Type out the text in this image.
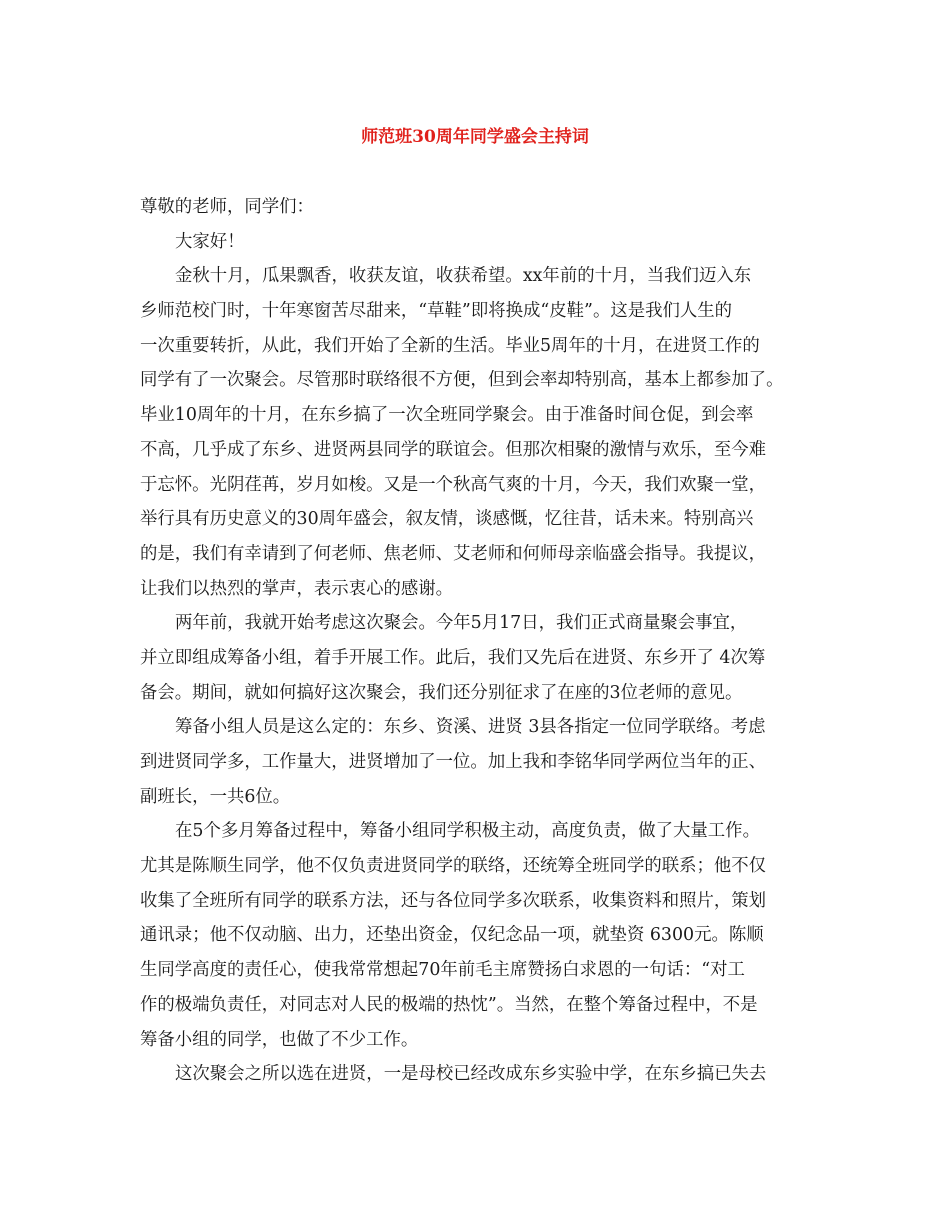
师范班30周年同学盛会主持词
尊敬的老师，同学们：
大家好！
金秋十月，瓜果飘香，收获友谊，收获希望。xx年前的十月，当我们迈入东
乡师范校门时，十年寒窗苦尽甜来，“草鞋”即将换成“皮鞋”。这是我们人生的
一次重要转折，从此，我们开始了全新的生活。毕业5周年的十月，在进贤工作的
同学有了一次聚会。尽管那时联络很不方便，但到会率却特别高，基本上都参加了。
毕业10周年的十月，在东乡搞了一次全班同学聚会。由于准备时间仓促，到会率
不高，几乎成了东乡、进贤两县同学的联谊会。但那次相聚的激情与欢乐，至今难
于忘怀。光阴荏苒，岁月如梭。又是一个秋高气爽的十月，今天，我们欢聚一堂，
举行具有历史意义的30周年盛会，叙友情，谈感慨，忆往昔，话未来。特别高兴
的是，我们有幸请到了何老师、焦老师、艾老师和何师母亲临盛会指导。我提议，
让我们以热烈的掌声，表示衷心的感谢。
两年前，我就开始考虑这次聚会。今年5月17日，我们正式商量聚会事宜，
并立即组成筹备小组，着手开展工作。此后，我们又先后在进贤、东乡开了 4次筹
备会。期间，就如何搞好这次聚会，我们还分别征求了在座的3位老师的意见。
筹备小组人员是这么定的：东乡、资溪、进贤 3县各指定一位同学联络。考虑
到进贤同学多，工作量大，进贤增加了一位。加上我和李铭华同学两位当年的正、
副班长，一共6位。
在5个多月筹备过程中，筹备小组同学积极主动，高度负责，做了大量工作。
尤其是陈顺生同学，他不仅负责进贤同学的联络，还统筹全班同学的联系；他不仅
收集了全班所有同学的联系方法，还与各位同学多次联系，收集资料和照片，策划
通讯录；他不仅动脑、出力，还垫出资金，仅纪念品一项，就垫资 6300元。陈顺
生同学高度的责任心，使我常常想起70年前毛主席赞扬白求恩的一句话：“对工
作的极端负责任，对同志对人民的极端的热忱”。当然，在整个筹备过程中，不是
筹备小组的同学，也做了不少工作。
这次聚会之所以选在进贤，一是母校已经改成东乡实验中学，在东乡搞已失去
